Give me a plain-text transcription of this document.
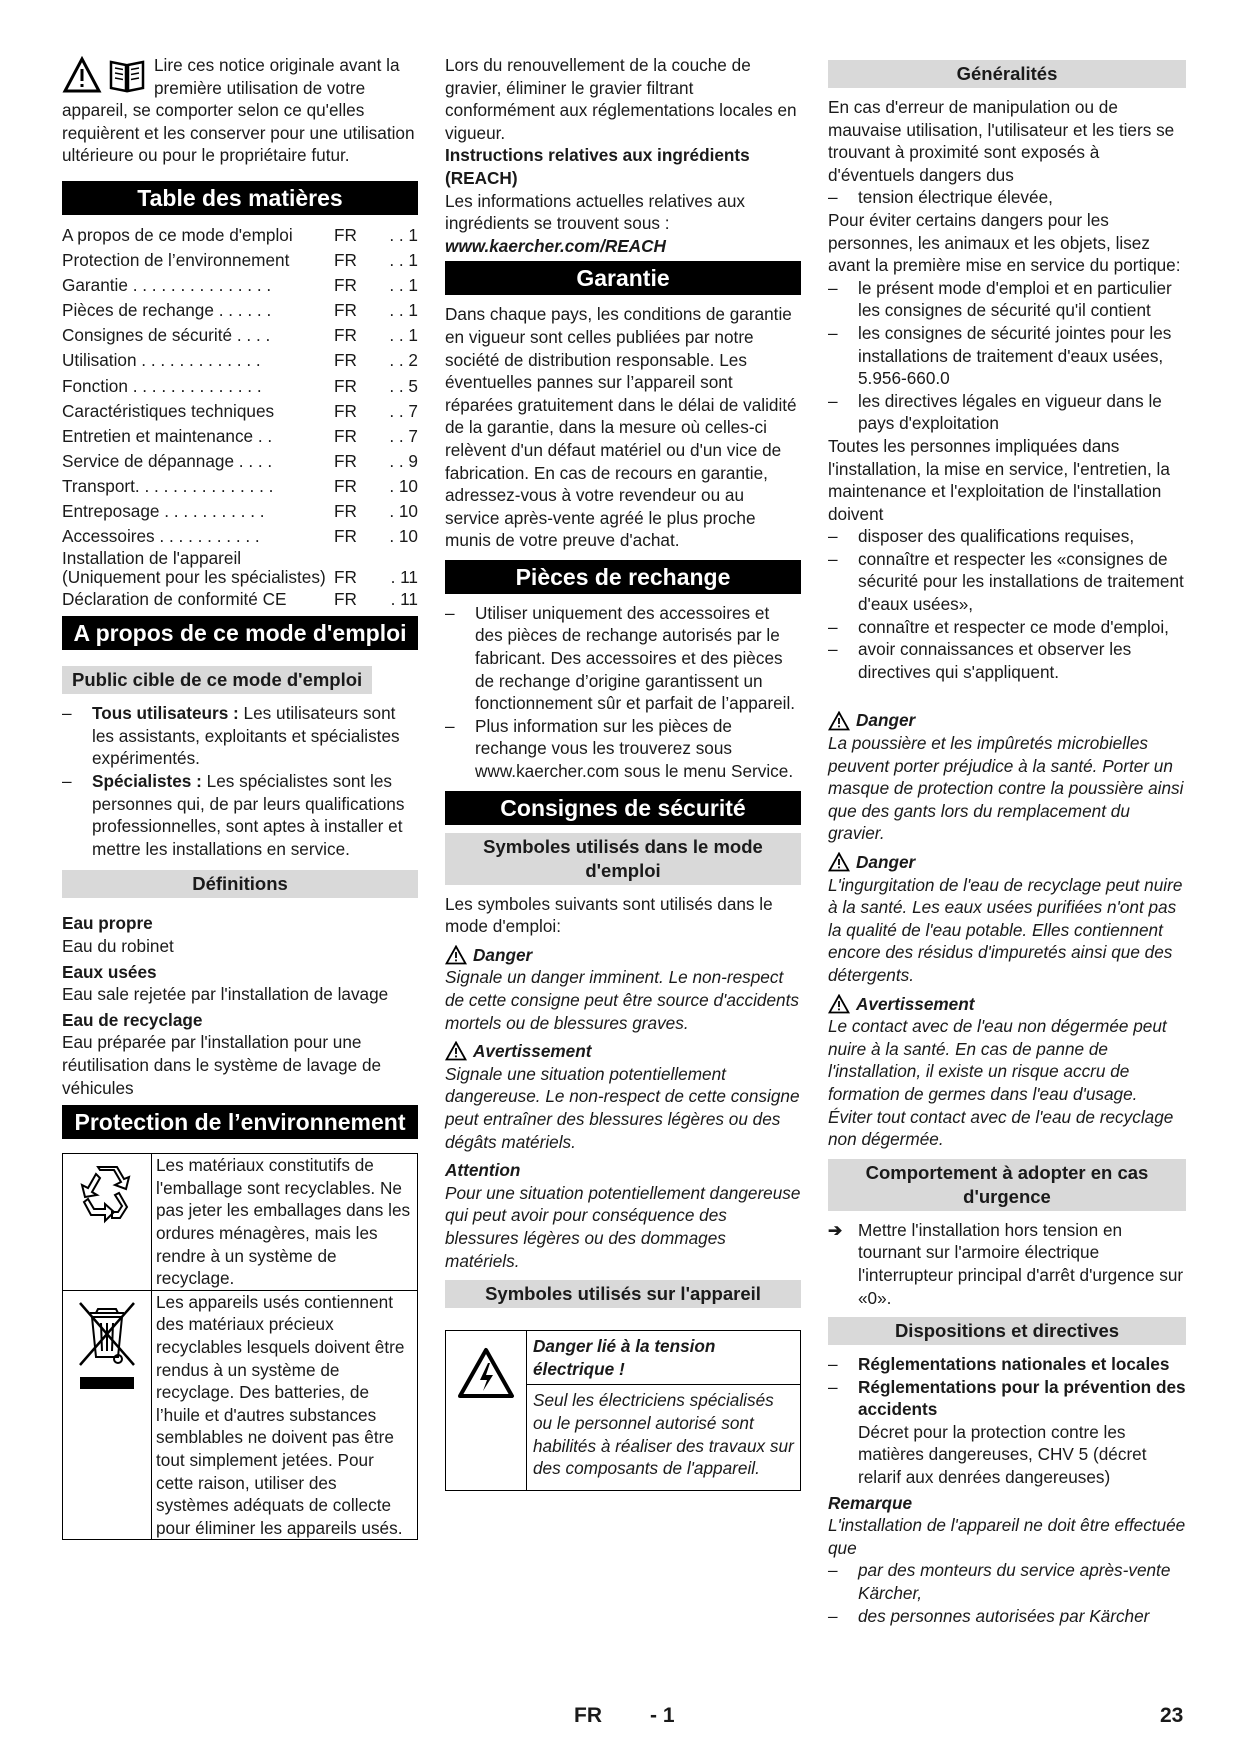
Lire ces notice originale avant la première utilisation de votre appareil, se comporter selon ce qu'elles requièrent et les conserver pour une utilisation ultérieure ou pour le propriétaire futur.

Table des matières
A propos de ce mode d'emploi	FR	. . 1
Protection de l’environnement	FR	. . 1
Garantie . . . . . . . . . . . . . . .	FR	. . 1
Pièces de rechange . . . . . .	FR	. . 1
Consignes de sécurité . . . .	FR	. . 1
Utilisation . . . . . . . . . . . . .	FR	. . 2
Fonction . . . . . . . . . . . . . .	FR	. . 5
Caractéristiques techniques	FR	. . 7
Entretien et maintenance . .	FR	. . 7
Service de dépannage . . . .	FR	. . 9
Transport. . . . . . . . . . . . . . .	FR	. 10
Entreposage . . . . . . . . . . .	FR	. 10
Accessoires . . . . . . . . . . .	FR	. 10
Installation de l'appareil (Uniquement pour les spécialistes) FR	. 11
Déclaration de conformité CE	FR	. 11
A propos de ce mode d'emploi
Public cible de ce mode d'emploi
–	Tous utilisateurs : Les utilisateurs sont les assistants, exploitants et spécialistes expérimentés.
–	Spécialistes : Les spécialistes sont les personnes qui, de par leurs qualifications professionnelles, sont aptes à installer et mettre les installations en service.
Définitions

Eau propre

Eau du robinet

Eaux usées

Eau sale rejetée par l'installation de lavage

Eau de recyclage

Eau préparée par l'installation pour une réutilisation dans le système de lavage de véhicules

Protection de l’environnement
	Les matériaux constitutifs de l'emballage sont recyclables. Ne pas jeter les emballages dans les ordures ménagères, mais les rendre à un système de recyclage.
	Les appareils usés contiennent des matériaux précieux recyclables lesquels doivent être rendus à un système de recyclage. Des batteries, de l’huile et d'autres substances semblables ne doivent pas être tout simplement jetées. Pour cette raison, utiliser des systèmes adéquats de collecte pour éliminer les appareils usés.

Lors du renouvellement de la couche de gravier, éliminer le gravier filtrant conformément aux réglementations locales en vigueur.

Instructions relatives aux ingrédients (REACH)

Les informations actuelles relatives aux ingrédients se trouvent sous :

www.kaercher.com/REACH

Garantie

Dans chaque pays, les conditions de garantie en vigueur sont celles publiées par notre société de distribution responsable. Les éventuelles pannes sur l’appareil sont réparées gratuitement dans le délai de validité de la garantie, dans la mesure où celles-ci relèvent d'un défaut matériel ou d'un vice de fabrication. En cas de recours en garantie, adressez-vous à votre revendeur ou au service après-vente agréé le plus proche munis de votre preuve d'achat.

Pièces de rechange
–	Utiliser uniquement des accessoires et des pièces de rechange autorisés par le fabricant. Des accessoires et des pièces de rechange d’origine garantissent un fonctionnement sûr et parfait de l’appareil.
–	Plus information sur les pièces de rechange vous les trouverez sous www.kaercher.com sous le menu Service.
Consignes de sécurité
Symboles utilisés dans le mode d'emploi

Les symboles suivants sont utilisés dans le mode d'emploi:

Danger

Signale un danger imminent. Le non-respect de cette consigne peut être source d'accidents mortels ou de blessures graves.

Avertissement

Signale une situation potentiellement dangereuse. Le non-respect de cette consigne peut entraîner des blessures légères ou des dégâts matériels.

Attention

Pour une situation potentiellement dangereuse qui peut avoir pour conséquence des blessures légères ou des dommages matériels.

Symboles utilisés sur l'appareil
	Danger lié à la tension électrique !
Seul les électriciens spécialisés ou le personnel autorisé sont habilités à réaliser des travaux sur des composants de l'appareil.
Généralités

En cas d'erreur de manipulation ou de mauvaise utilisation, l'utilisateur et les tiers se trouvant à proximité sont exposés à d'éventuels dangers dus

–	tension électrique élevée,

Pour éviter certains dangers pour les personnes, les animaux et les objets, lisez avant la première mise en service du portique:

–	le présent mode d'emploi et en particulier les consignes de sécurité qu'il contient
–	les consignes de sécurité jointes pour les installations de traitement d'eaux usées, 5.956-660.0
–	les directives légales en vigueur dans le pays d'exploitation

Toutes les personnes impliquées dans l'installation, la mise en service, l'entretien, la maintenance et l'exploitation de l'installation doivent

–	disposer des qualifications requises,
–	connaître et respecter les «consignes de sécurité pour les installations de traitement d'eaux usées»,
–	connaître et respecter ce mode d'emploi,
–	avoir connaissances et observer les directives qui s'appliquent.
Danger

La poussière et les impûretés microbielles peuvent porter préjudice à la santé. Porter un masque de protection contre la poussière ainsi que des gants lors du remplacement du gravier.

Danger

L'ingurgitation de l'eau de recyclage peut nuire à la santé. Les eaux usées purifiées n'ont pas la qualité de l'eau potable. Elles contiennent encore des résidus d'impuretés ainsi que des détergents.

Avertissement

Le contact avec de l'eau non dégermée peut nuire à la santé. En cas de panne de l'installation, il existe un risque accru de formation de germes dans l'eau d'usage. Éviter tout contact avec de l'eau de recyclage non dégermée.

Comportement à adopter en cas d'urgence
➔ Mettre l'installation hors tension en tournant sur l'armoire électrique l'interrupteur principal d'arrêt d'urgence sur «0».
Dispositions et directives
–	Réglementations nationales et locales
–	Réglementations pour la prévention des accidents
Décret pour la protection contre les matières dangereuses, CHV 5 (décret relarif aux denrées dangereuses)

Remarque

L'installation de l'appareil ne doit être effectuée que

–	par des monteurs du service après-vente Kärcher,
–	des personnes autorisées par Kärcher
FR - 1	23
